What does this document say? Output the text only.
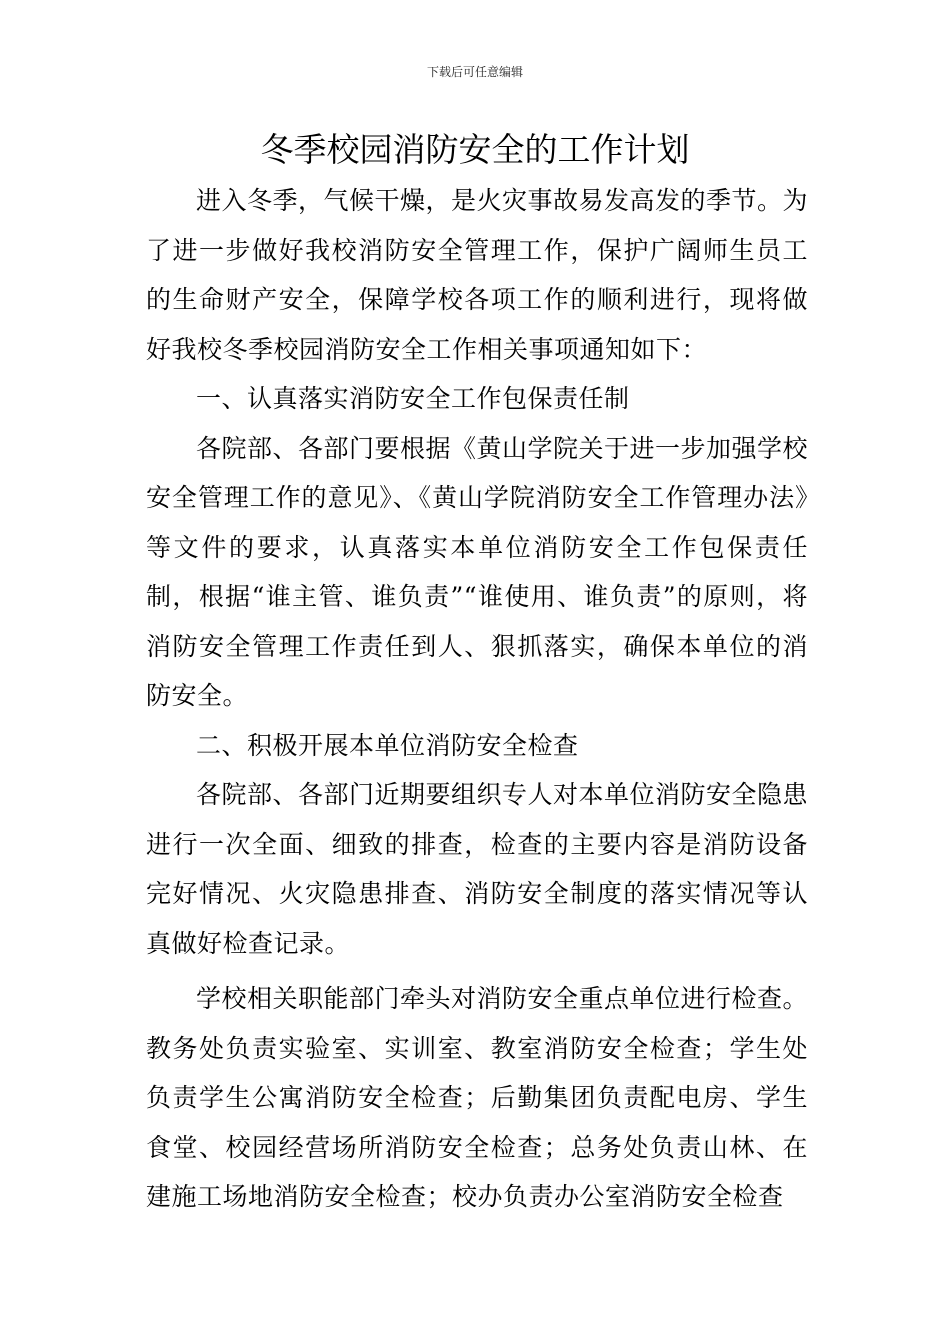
下载后可任意编辑
冬季校园消防安全的工作计划

进入冬季，气候干燥，是火灾事故易发高发的季节。为了进一步做好我校消防安全管理工作，保护广阔师生员工的生命财产安全，保障学校各项工作的顺利进行，现将做好我校冬季校园消防安全工作相关事项通知如下：

一、认真落实消防安全工作包保责任制

各院部、各部门要根据《黄山学院关于进一步加强学校安全管理工作的意见》、《黄山学院消防安全工作管理办法》等文件的要求，认真落实本单位消防安全工作包保责任制，根据“谁主管、谁负责”“谁使用、谁负责”的原则，将消防安全管理工作责任到人、狠抓落实，确保本单位的消防安全。

二、积极开展本单位消防安全检查

各院部、各部门近期要组织专人对本单位消防安全隐患进行一次全面、细致的排查，检查的主要内容是消防设备完好情况、火灾隐患排查、消防安全制度的落实情况等认真做好检查记录。

学校相关职能部门牵头对消防安全重点单位进行检查。教务处负责实验室、实训室、教室消防安全检查；学生处负责学生公寓消防安全检查；后勤集团负责配电房、学生食堂、校园经营场所消防安全检查；总务处负责山林、在建施工场地消防安全检查；校办负责办公室消防安全检查
